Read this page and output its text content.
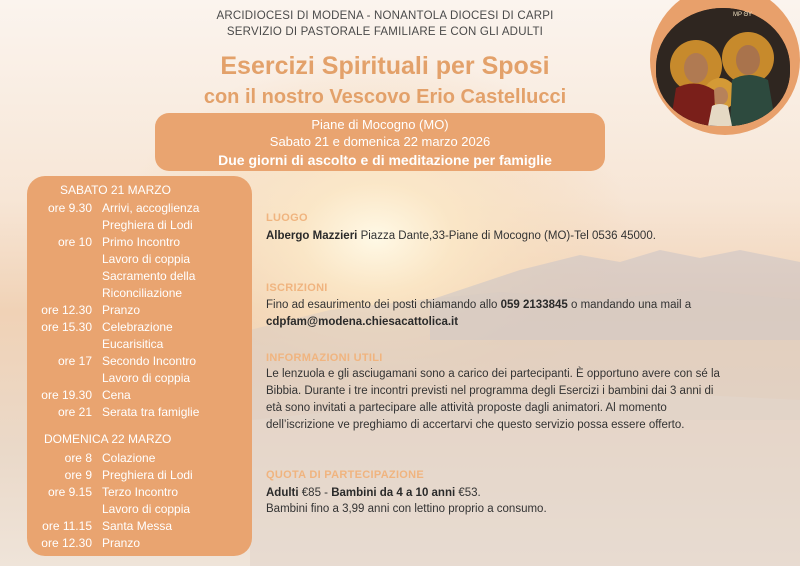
ARCIDIOCESI DI MODENA - NONANTOLA DIOCESI DI CARPI
SERVIZIO DI PASTORALE FAMILIARE E CON GLI ADULTI
Esercizi Spirituali per Sposi
con il nostro Vescovo Erio Castellucci
Piane di Mocogno (MO)
Sabato 21 e domenica 22 marzo 2026
Due giorni di ascolto e di meditazione per famiglie
ΜΡ ΘΥ
SABATO 21 MARZO
ore 9.30 Arrivi, accoglienza
Preghiera di Lodi
ore 10 Primo Incontro
Lavoro di coppia
Sacramento della
Riconciliazione
ore 12.30 Pranzo
ore 15.30 Celebrazione
Eucarisitica
ore 17 Secondo Incontro
Lavoro di coppia
ore 19.30 Cena
ore 21 Serata tra famiglie
DOMENICA 22 MARZO
ore 8 Colazione
ore 9 Preghiera di Lodi
ore 9.15 Terzo Incontro
Lavoro di coppia
ore 11.15 Santa Messa
ore 12.30 Pranzo
LUOGO
Albergo Mazzieri Piazza Dante,33-Piane di Mocogno (MO)-Tel 0536 45000.
ISCRIZIONI
Fino ad esaurimento dei posti chiamando allo 059 2133845 o mandando una mail a
cdpfam@modena.chiesacattolica.it
INFORMAZIONI UTILI
Le lenzuola e gli asciugamani sono a carico dei partecipanti. È opportuno avere con sé la
Bibbia. Durante i tre incontri previsti nel programma degli Esercizi i bambini dai 3 anni di
età sono invitati a partecipare alle attività proposte dagli animatori. Al momento
dell’iscrizione ve preghiamo di accertarvi che questo servizio possa essere offerto.
QUOTA DI PARTECIPAZIONE
Adulti €85 - Bambini da 4 a 10 anni €53.
Bambini fino a 3,99 anni con lettino proprio a consumo.
